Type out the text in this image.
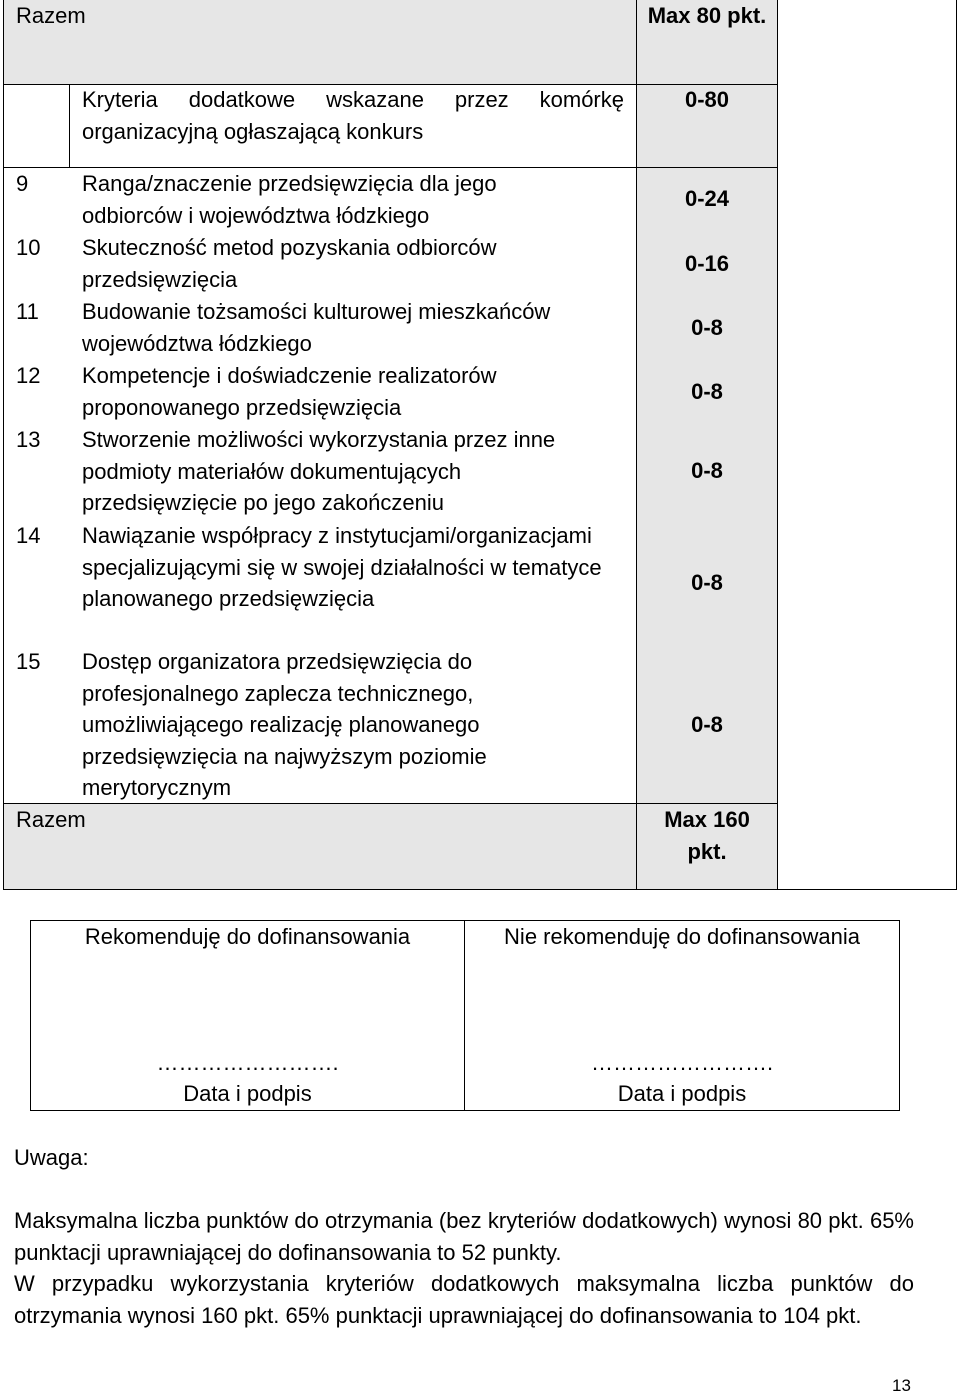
Razem	Max 80 pkt.
Kryteria dodatkowe wskazane przez komórkę organizacyjną ogłaszającą konkurs
0-80
9 Ranga/znaczenie przedsięwzięcia dla jego odbiorców i województwa łódzkiego
0-24
10 Skuteczność metod pozyskania odbiorców przedsięwzięcia
0-16
11 Budowanie tożsamości kulturowej mieszkańców województwa łódzkiego
0-8
12 Kompetencje i doświadczenie realizatorów proponowanego przedsięwzięcia
0-8
13 Stworzenie możliwości wykorzystania przez inne podmioty materiałów dokumentujących przedsięwzięcie po jego zakończeniu
0-8
14 Nawiązanie współpracy z instytucjami/organizacjami specjalizującymi się w swojej działalności w tematyce planowanego przedsięwzięcia
0-8
15 Dostęp organizatora przedsięwzięcia do profesjonalnego zaplecza technicznego, umożliwiającego realizację planowanego przedsięwzięcia na najwyższym poziomie merytorycznym
0-8
Razem	Max 160 pkt.
Rekomenduję do dofinansowania
…………………….
Data i podpis
Nie rekomenduję do dofinansowania
…………………….
Data i podpis
Uwaga:
Maksymalna liczba punktów do otrzymania (bez kryteriów dodatkowych) wynosi 80 pkt. 65% punktacji uprawniającej do dofinansowania to 52 punkty.
W przypadku wykorzystania kryteriów dodatkowych maksymalna liczba punktów do otrzymania wynosi 160 pkt. 65% punktacji uprawniającej do dofinansowania to 104 pkt.
13
